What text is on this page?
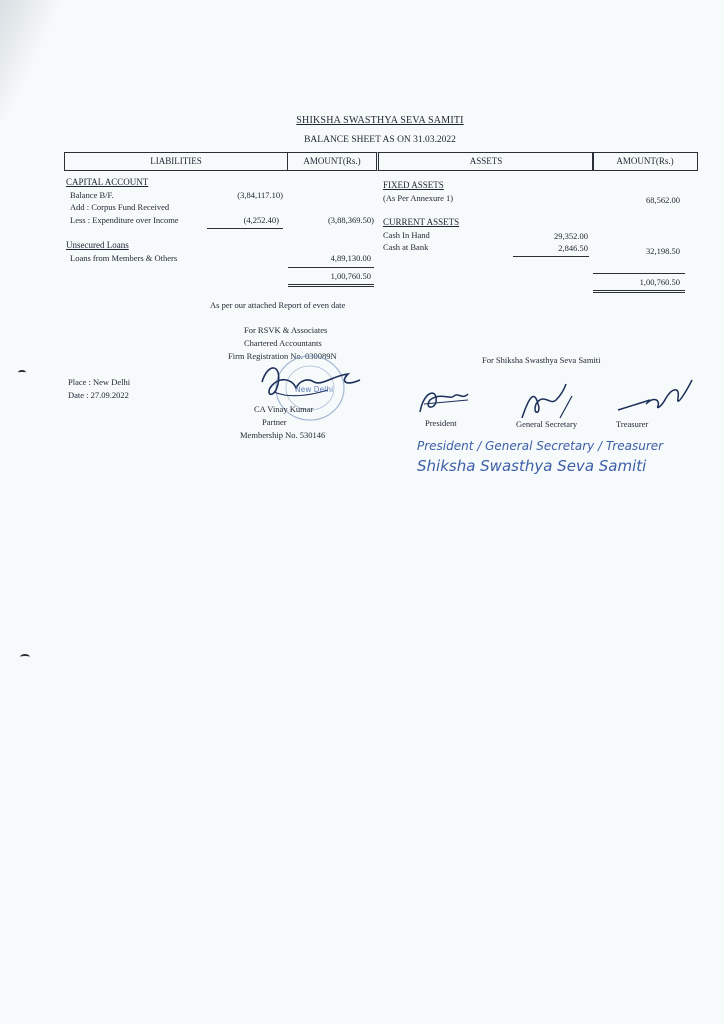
SHIKSHA SWASTHYA SEVA SAMITI
BALANCE SHEET AS ON 31.03.2022
LIABILITIES	AMOUNT(Rs.)	ASSETS	AMOUNT(Rs.)
CAPITAL ACCOUNT
Balance B/F.	(3,84,117.10)
Add : Corpus Fund Received
Less : Expenditure over Income	(4,252.40)	(3,88,369.50)
Unsecured Loans
Loans from Members & Others	4,89,130.00
1,00,760.50
FIXED ASSETS
(As Per Annexure 1)	68,562.00
CURRENT ASSETS
Cash In Hand	29,352.00
Cash at Bank	2,846.50	32,198.50
1,00,760.50
As per our attached Report of even date
For RSVK & Associates
Chartered Accountants
Firm Registration No. 030089N
New Delhi
CA Vinay Kumar
Partner
Membership No. 530146
Place : New Delhi
Date : 27.09.2022
For Shiksha Swasthya Seva Samiti
President	General Secretary	Treasurer
President / General Secretary / Treasurer
Shiksha Swasthya Seva Samiti
